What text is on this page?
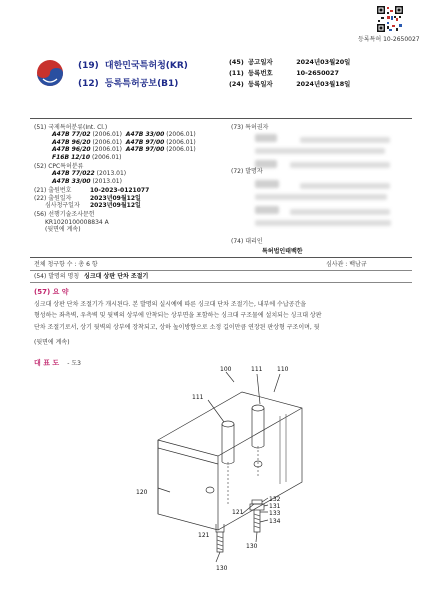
등록특허 10-2650027
(19) 대한민국특허청(KR)
(12) 등록특허공보(B1)
(45) 공고일자	2024년03월20일
(11) 등록번호	10-2650027
(24) 등록일자	2024년03월18일
(51) 국제특허분류(Int. Cl.)
A47B 77/02 (2006.01) A47B 33/00 (2006.01)
A47B 96/20 (2006.01) A47B 97/00 (2006.01)
A47B 96/20 (2006.01) A47B 97/00 (2006.01)
F16B 12/10 (2006.01)
(52) CPC특허분류
A47B 77/022 (2013.01)
A47B 33/00 (2013.01)
(21) 출원번호	10-2023-0121077
(22) 출원일자	2023년09월12일
심사청구일자 2023년09월12일
(56) 선행기술조사문헌
KR1020100008834 A
(뒷면에 계속)
(73) 특허권자
(72) 발명자
(74) 대리인
특허법인태백한
전체 청구항 수 : 총 6 항	심사관 : 백남규
(54) 발명의 명칭 싱크대 상판 단차 조절기
(57) 요 약
싱크대 상판 단차 조절기가 개시된다. 본 발명의 실시예에 따른 싱크대 단차 조절기는, 내부에 수납공간을
형성하는 좌측벽, 우측벽 및 뒷벽의 상부에 안착되는 상부면을 포함하는 싱크대 구조물에 설치되는 싱크대 상판
단차 조절기로서, 상기 뒷벽의 상부에 장착되고, 상하 높이방향으로 소정 길이만큼 연장된 판상형 구조이며, 뒷
(뒷면에 계속)
대 표 도 - 도3
100	111 110
111
120
121
121
132
131
133
134
130
130
